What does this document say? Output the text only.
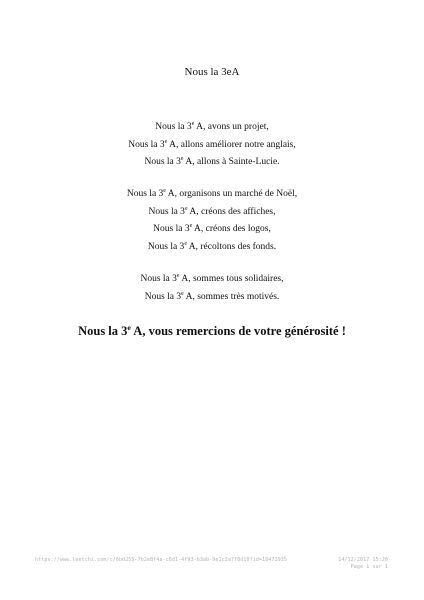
Nous la 3eA
Nous la 3e A, avons un projet,
Nous la 3e A, allons améliorer notre anglais,
Nous la 3e A, allons à Sainte-Lucie.
Nous la 3e A, organisons un marché de Noël,
Nous la 3e A, créons des affiches,
Nous la 3e A, créons des logos,
Nous la 3e A, récoltons des fonds.
Nous la 3e A, sommes tous solidaires,
Nous la 3e A, sommes très motivés.
Nous la 3e A, vous remercions de votre générosité !
https://www.leetchi.com/c/6b0255-7b2e8f4a-c6d1-4f93-b3ab-9e1c2a7f8d10?id=18472935	14/12/2017 15:26
Page 1 sur 1
